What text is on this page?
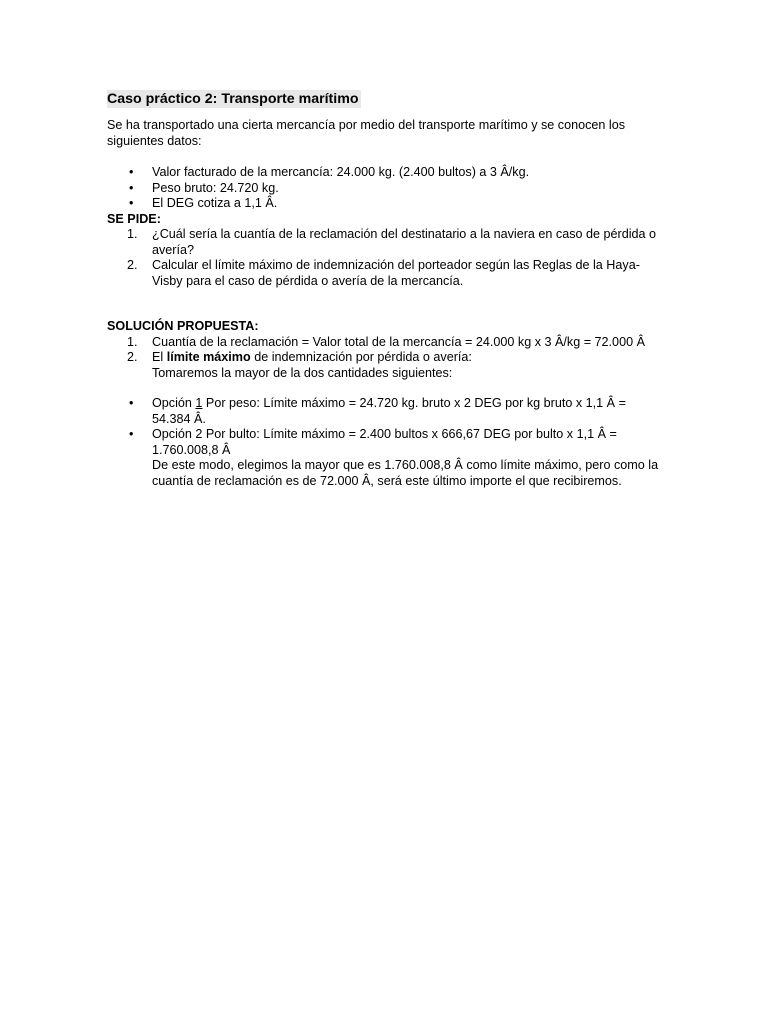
Caso práctico 2: Transporte marítimo

Se ha transportado una cierta mercancía por medio del transporte marítimo y se conocen los siguientes datos:

• Valor facturado de la mercancía: 24.000 kg. (2.400 bultos) a 3 Â/kg.
• Peso bruto: 24.720 kg.
• El DEG cotiza a 1,1 Â.
SE PIDE:
1. ¿Cuál sería la cuantía de la reclamación del destinatario a la naviera en caso de pérdida o avería?
2. Calcular el límite máximo de indemnización del porteador según las Reglas de la Haya-Visby para el caso de pérdida o avería de la mercancía.
SOLUCIÓN PROPUESTA:
1. Cuantía de la reclamación = Valor total de la mercancía = 24.000 kg x 3 Â/kg = 72.000 Â
2. El límite máximo de indemnización por pérdida o avería:
Tomaremos la mayor de la dos cantidades siguientes:
• Opción 1 Por peso: Límite máximo = 24.720 kg. bruto x 2 DEG por kg bruto x 1,1 Â = 54.384 Â.
• Opción 2 Por bulto: Límite máximo = 2.400 bultos x 666,67 DEG por bulto x 1,1 Â = 1.760.008,8 Â
De este modo, elegimos la mayor que es 1.760.008,8 Â como límite máximo, pero como la cuantía de reclamación es de 72.000 Â, será este último importe el que recibiremos.
